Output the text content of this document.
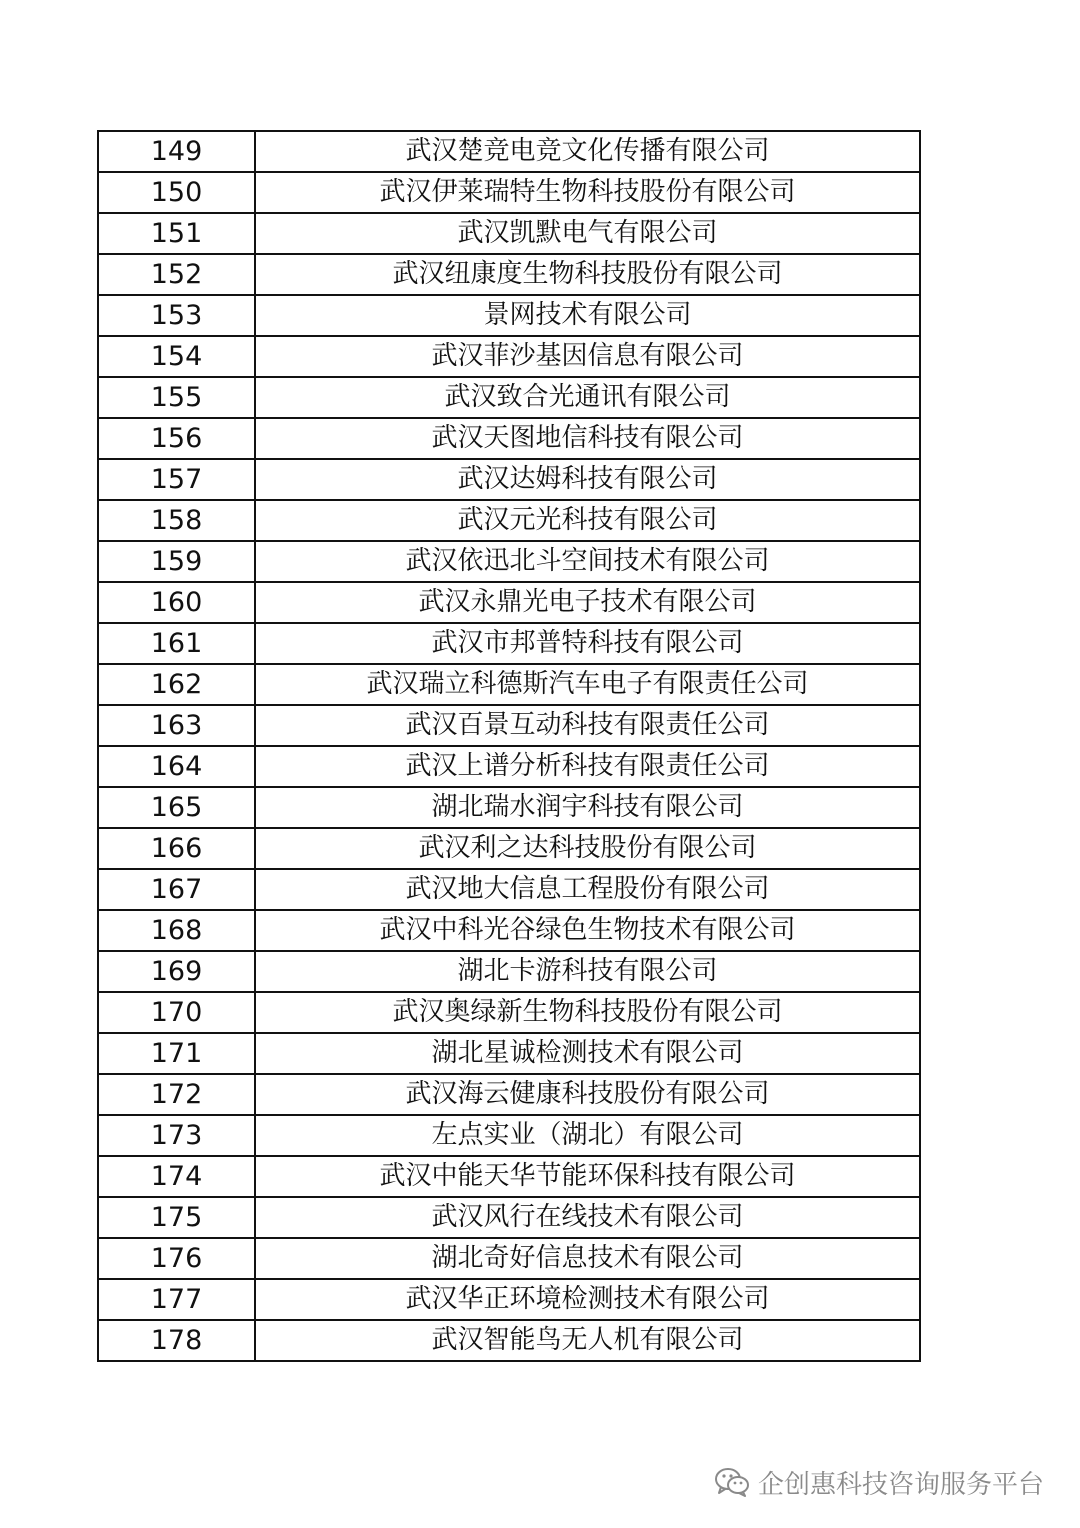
149	武汉楚竞电竞文化传播有限公司
150	武汉伊莱瑞特生物科技股份有限公司
151	武汉凯默电气有限公司
152	武汉纽康度生物科技股份有限公司
153	景网技术有限公司
154	武汉菲沙基因信息有限公司
155	武汉致合光通讯有限公司
156	武汉天图地信科技有限公司
157	武汉达姆科技有限公司
158	武汉元光科技有限公司
159	武汉依迅北斗空间技术有限公司
160	武汉永鼎光电子技术有限公司
161	武汉市邦普特科技有限公司
162	武汉瑞立科德斯汽车电子有限责任公司
163	武汉百景互动科技有限责任公司
164	武汉上谱分析科技有限责任公司
165	湖北瑞水润宇科技有限公司
166	武汉利之达科技股份有限公司
167	武汉地大信息工程股份有限公司
168	武汉中科光谷绿色生物技术有限公司
169	湖北卡游科技有限公司
170	武汉奥绿新生物科技股份有限公司
171	湖北星诚检测技术有限公司
172	武汉海云健康科技股份有限公司
173	左点实业（湖北）有限公司
174	武汉中能天华节能环保科技有限公司
175	武汉风行在线技术有限公司
176	湖北奇好信息技术有限公司
177	武汉华正环境检测技术有限公司
178	武汉智能鸟无人机有限公司
企创惠科技咨询服务平台
